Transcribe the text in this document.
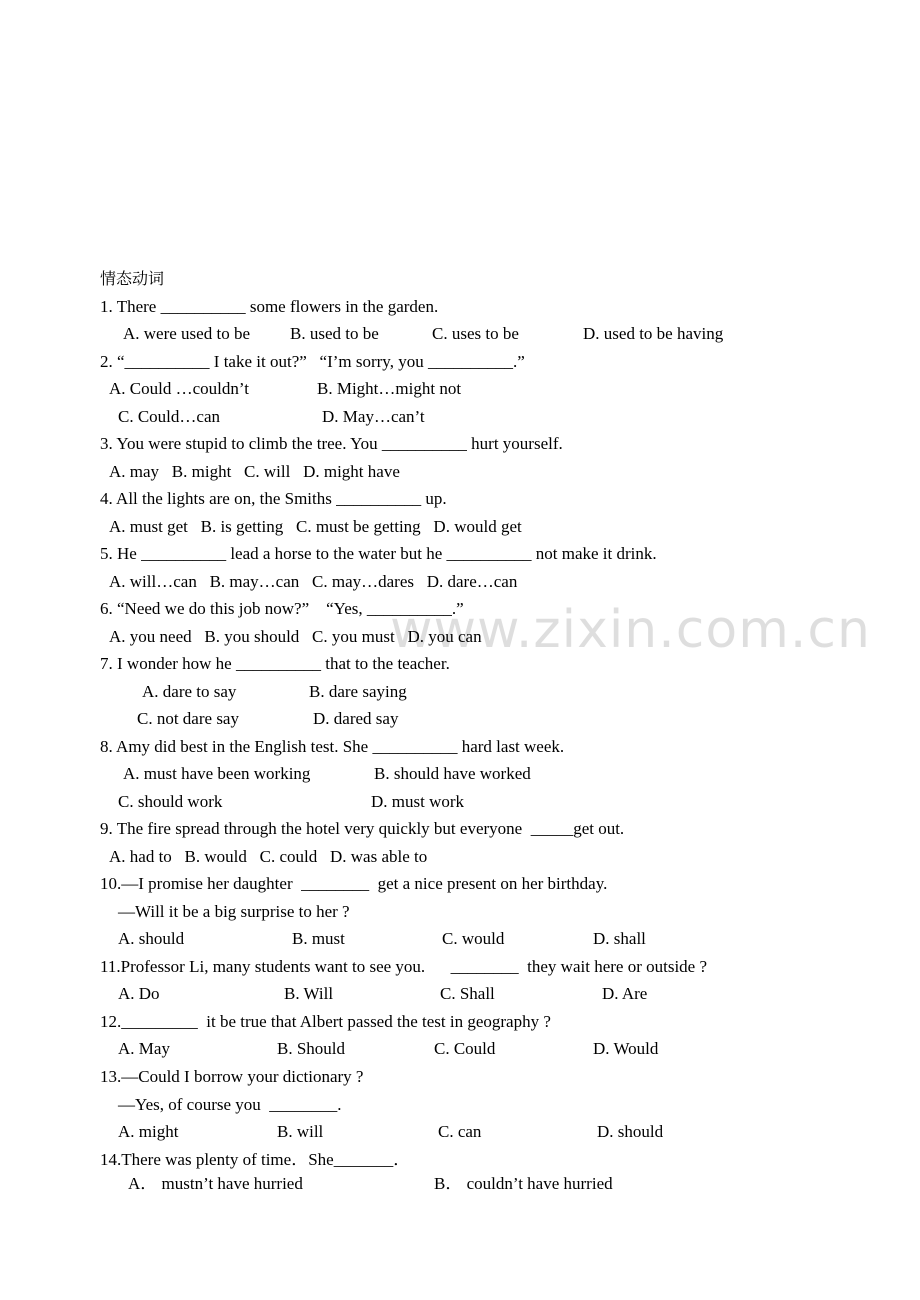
www.zixin.com.cn
情态动词
1. There __________ some flowers in the garden.
A. were used to be B. used to be	C. uses to be	D. used to be having
2. “__________ I take it out?”   “I’m sorry, you __________.”
A. Could …couldn’t	B. Might…might not
C. Could…can	D. May…can’t
3. You were stupid to climb the tree. You __________ hurt yourself.
A. may   B. might   C. will   D. might have
4. All the lights are on, the Smiths __________ up.
A. must get   B. is getting   C. must be getting   D. would get
5. He __________ lead a horse to the water but he __________ not make it drink.
A. will…can   B. may…can   C. may…dares   D. dare…can
6. “Need we do this job now?”    “Yes, __________.”
A. you need   B. you should   C. you must   D. you can
7. I wonder how he __________ that to the teacher.
A. dare to say	B. dare saying
C. not dare say	D. dared say
8. Amy did best in the English test. She __________ hard last week.
A. must have been working	B. should have worked
C. should work	D. must work
9. The fire spread through the hotel very quickly but everyone  _____get out.
A. had to   B. would   C. could   D. was able to
10.—I promise her daughter  ________  get a nice present on her birthday.
—Will it be a big surprise to her ?
A. should	B. must	C. would	D. shall
11.Professor Li, many students want to see you.      ________  they wait here or outside ?
A. Do	B. Will	C. Shall	D. Are
12._________  it be true that Albert passed the test in geography ?
A. May	B. Should	C. Could	D. Would
13.—Could I borrow your dictionary ?
—Yes, of course you  ________.
A. might	B. will	C. can	D. should
14.There was plenty of time．She_______．
A． mustn’t have hurried	B． couldn’t have hurried
